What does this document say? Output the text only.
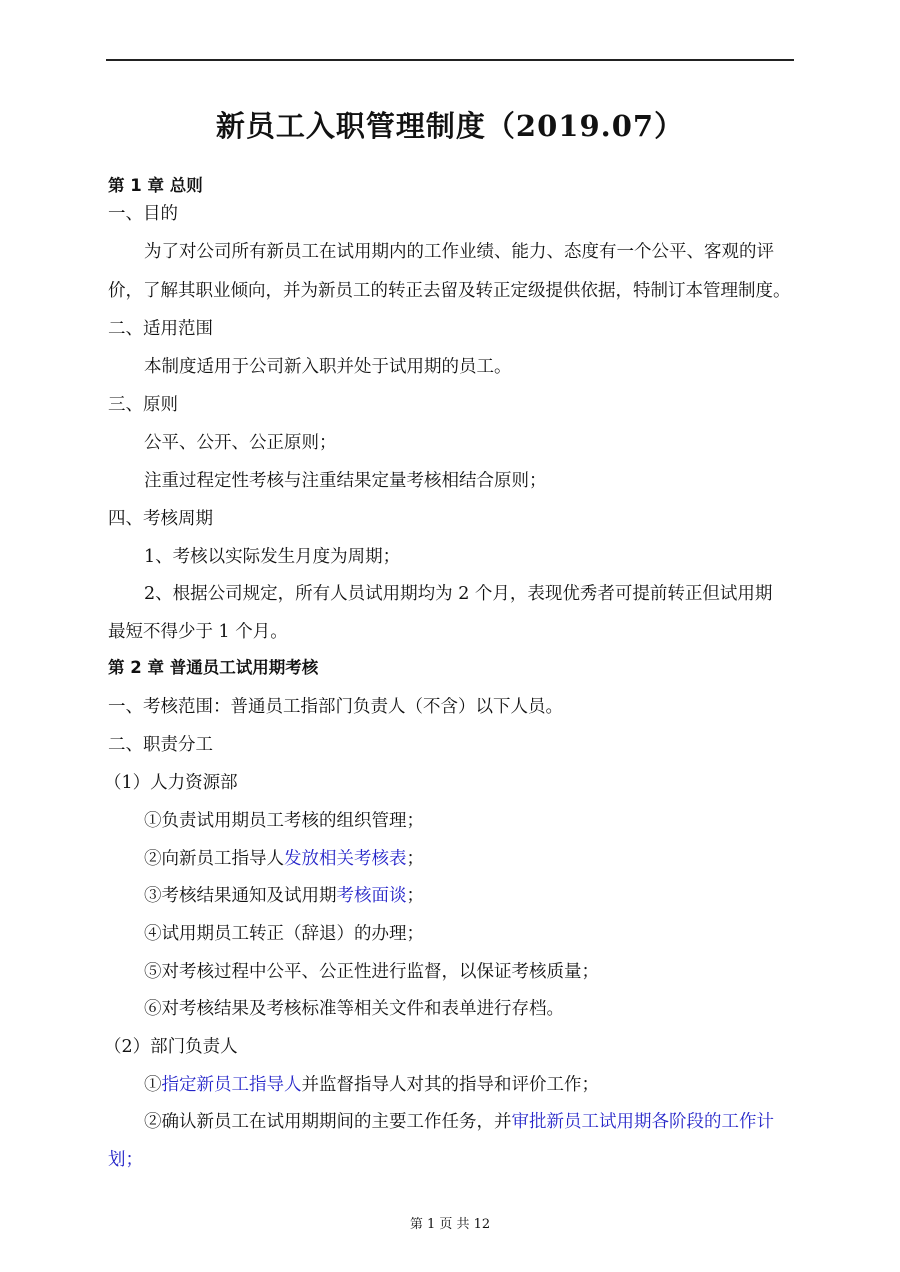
新员工入职管理制度（2019.07）
第 1 章 总则
一、目的
为了对公司所有新员工在试用期内的工作业绩、能力、态度有一个公平、客观的评
价，了解其职业倾向，并为新员工的转正去留及转正定级提供依据，特制订本管理制度。
二、适用范围
本制度适用于公司新入职并处于试用期的员工。
三、原则
公平、公开、公正原则；
注重过程定性考核与注重结果定量考核相结合原则；
四、考核周期
1、考核以实际发生月度为周期；
2、根据公司规定，所有人员试用期均为 2 个月，表现优秀者可提前转正但试用期
最短不得少于 1 个月。
第 2 章 普通员工试用期考核
一、考核范围：普通员工指部门负责人（不含）以下人员。
二、职责分工
（1）人力资源部
①负责试用期员工考核的组织管理；
②向新员工指导人发放相关考核表；
③考核结果通知及试用期考核面谈；
④试用期员工转正（辞退）的办理；
⑤对考核过程中公平、公正性进行监督，以保证考核质量；
⑥对考核结果及考核标准等相关文件和表单进行存档。
（2）部门负责人
①指定新员工指导人并监督指导人对其的指导和评价工作；
②确认新员工在试用期期间的主要工作任务，并审批新员工试用期各阶段的工作计
划；
第 1 页 共 12
